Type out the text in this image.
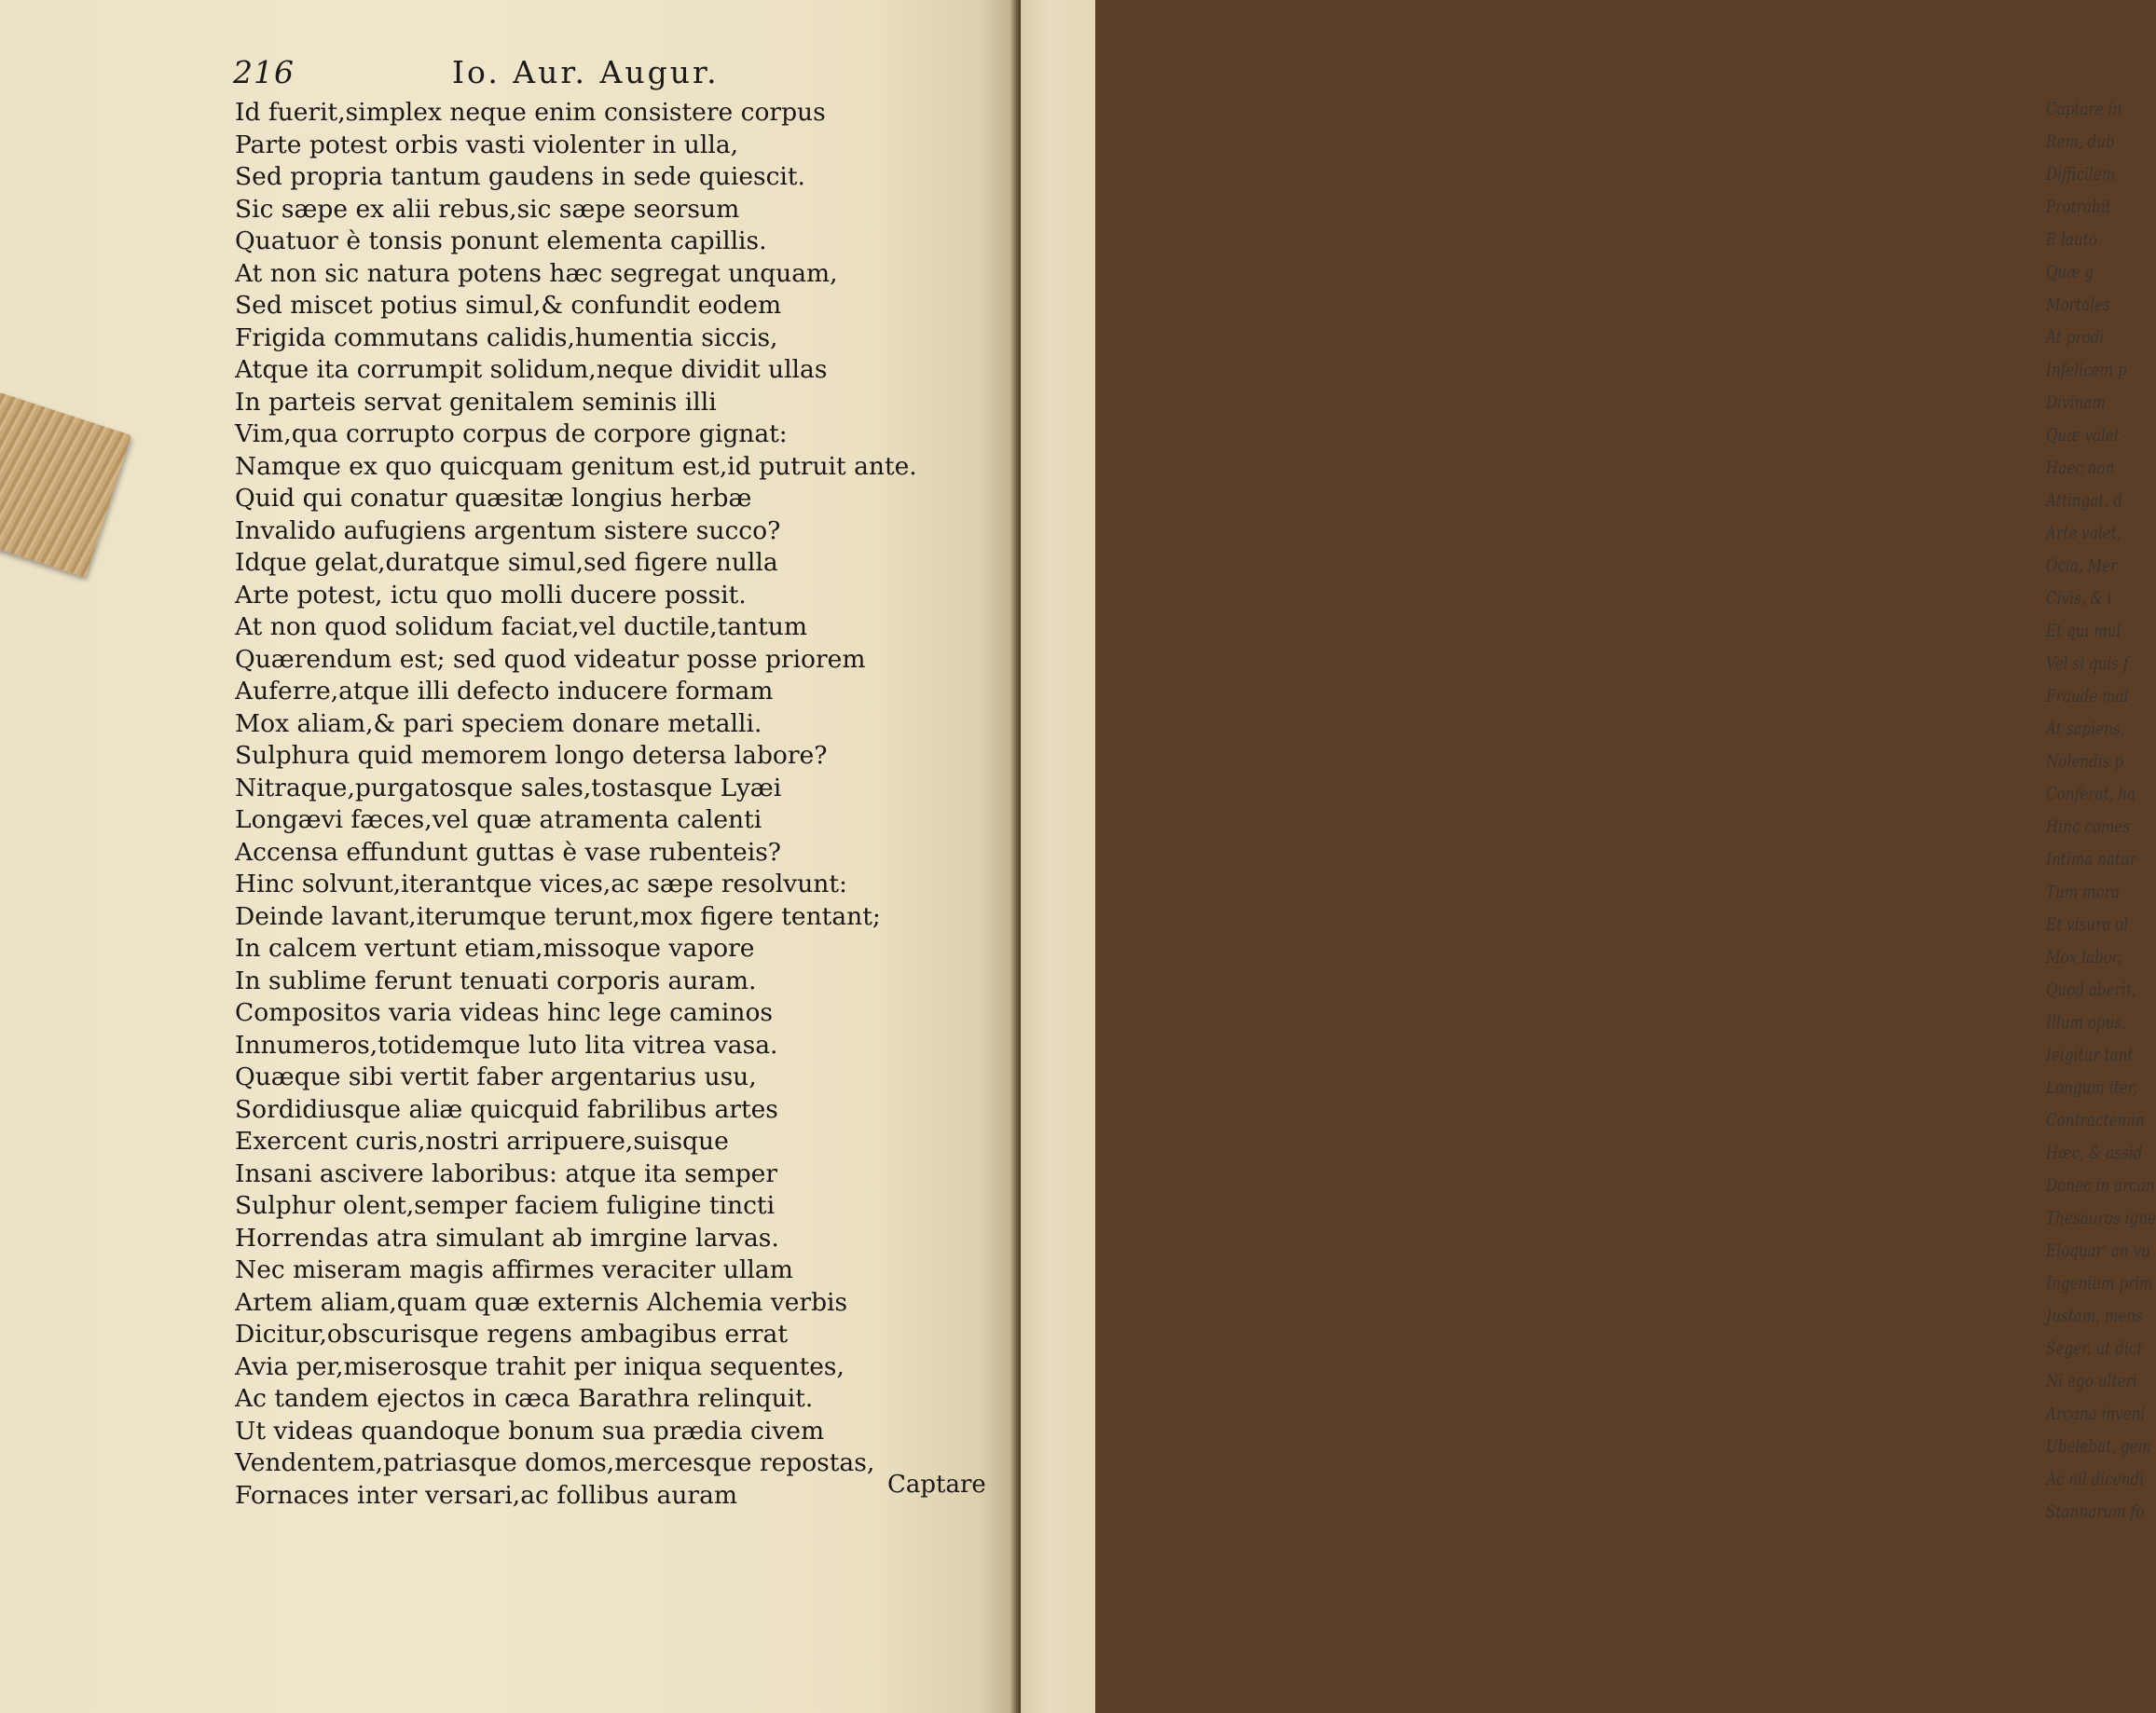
216	Io. Aur. Augur.
Id fuerit,simplex neque enim consistere corpus
Parte potest orbis vasti violenter in ulla,
Sed propria tantum gaudens in sede quiescit.
Sic sæpe ex alii rebus,sic sæpe seorsum
Quatuor è tonsis ponunt elementa capillis.
At non sic natura potens hæc segregat unquam,
Sed miscet potius simul,& confundit eodem
Frigida commutans calidis,humentia siccis,
Atque ita corrumpit solidum,neque dividit ullas
In parteis servat genitalem seminis illi
Vim,qua corrupto corpus de corpore gignat:
Namque ex quo quicquam genitum est,id putruit ante.
Quid qui conatur quæsitæ longius herbæ
Invalido aufugiens argentum sistere succo?
Idque gelat,duratque simul,sed figere nulla
Arte potest, ictu quo molli ducere possit.
At non quod solidum faciat,vel ductile,tantum
Quærendum est; sed quod videatur posse priorem
Auferre,atque illi defecto inducere formam
Mox aliam,& pari speciem donare metalli.
Sulphura quid memorem longo detersa labore?
Nitraque,purgatosque sales,tostasque Lyæi
Longævi fæces,vel quæ atramenta calenti
Accensa effundunt guttas è vase rubenteis?
Hinc solvunt,iterantque vices,ac sæpe resolvunt:
Deinde lavant,iterumque terunt,mox figere tentant;
In calcem vertunt etiam,missoque vapore
In sublime ferunt tenuati corporis auram.
Compositos varia videas hinc lege caminos
Innumeros,totidemque luto lita vitrea vasa.
Quæque sibi vertit faber argentarius usu,
Sordidiusque aliæ quicquid fabrilibus artes
Exercent curis,nostri arripuere,suisque
Insani ascivere laboribus: atque ita semper
Sulphur olent,semper faciem fuligine tincti
Horrendas atra simulant ab imrgine larvas.
Nec miseram magis affirmes veraciter ullam
Artem aliam,quam quæ externis Alchemia verbis
Dicitur,obscurisque regens ambagibus errat
Avia per,miserosque trahit per iniqua sequentes,
Ac tandem ejectos in cæca Barathra relinquit.
Ut videas quandoque bonum sua prædia civem
Vendentem,patriasque domos,mercesque repostas,
Fornaces inter versari,ac follibus auram	Captare
Captare in
Rem, dub
Difficilem
Protrahit
E lauto
Quæ g
Mortales
At prodi
Infelicem p
Divinam
Quæ valet
Haec non
Attingat, d
Arte valet,
Ocia, Mer
Civis, & i
Et qui mul
Vel si quis f
Fraude mal
At sapiens,
Nolendis p
Conferat, ha
Hinc comes
Intima natur
Tum mora
Et visura ol
Mox labor,
Quod aberit,
Illum opus,
Ieigitur tant
Longum iter,
Contractemin
Hæc, & assid
Donec in arcan
Thesauros igne
Eloquar' an vu
Ingenium prim
Justam, mens
Seger, ut dict
Ni ego ulteri
Arcana inveni
Ubelebat, gem
Ac nil dicendi
Stannarum fo
